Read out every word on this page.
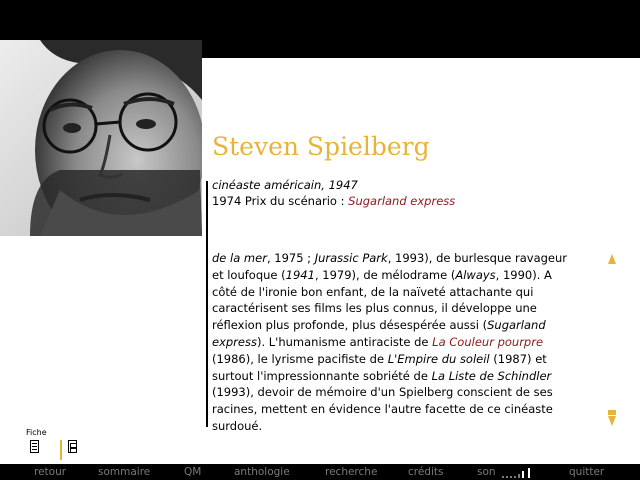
Steven Spielberg
cinéaste américain, 1947
1974 Prix du scénario : Sugarland express

de la mer, 1975 ; Jurassic Park, 1993), de burlesque ravageur

et loufoque (1941, 1979), de mélodrame (Always, 1990). A

côté de l'ironie bon enfant, de la naïveté attachante qui

caractérisent ses films les plus connus, il développe une

réflexion plus profonde, plus désespérée aussi (Sugarland

express). L'humanisme antiraciste de La Couleur pourpre

(1986), le lyrisme pacifiste de L'Empire du soleil (1987) et

surtout l'impressionnante sobriété de La Liste de Schindler

(1993), devoir de mémoire d'un Spielberg conscient de ses

racines, mettent en évidence l'autre facette de ce cinéaste

surdoué.

Fiche
retour	sommaire	QM	anthologie	recherche	crédits	son	quitter
